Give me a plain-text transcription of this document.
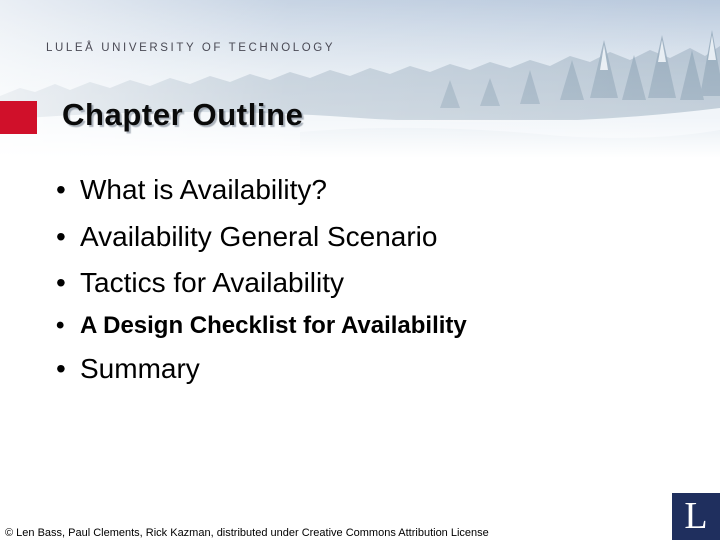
LULEÅ UNIVERSITY OF TECHNOLOGY
Chapter Outline
• What is Availability?
• Availability General Scenario
• Tactics for Availability
• A Design Checklist for Availability
• Summary
© Len Bass, Paul Clements, Rick Kazman, distributed under Creative Commons Attribution License	L
